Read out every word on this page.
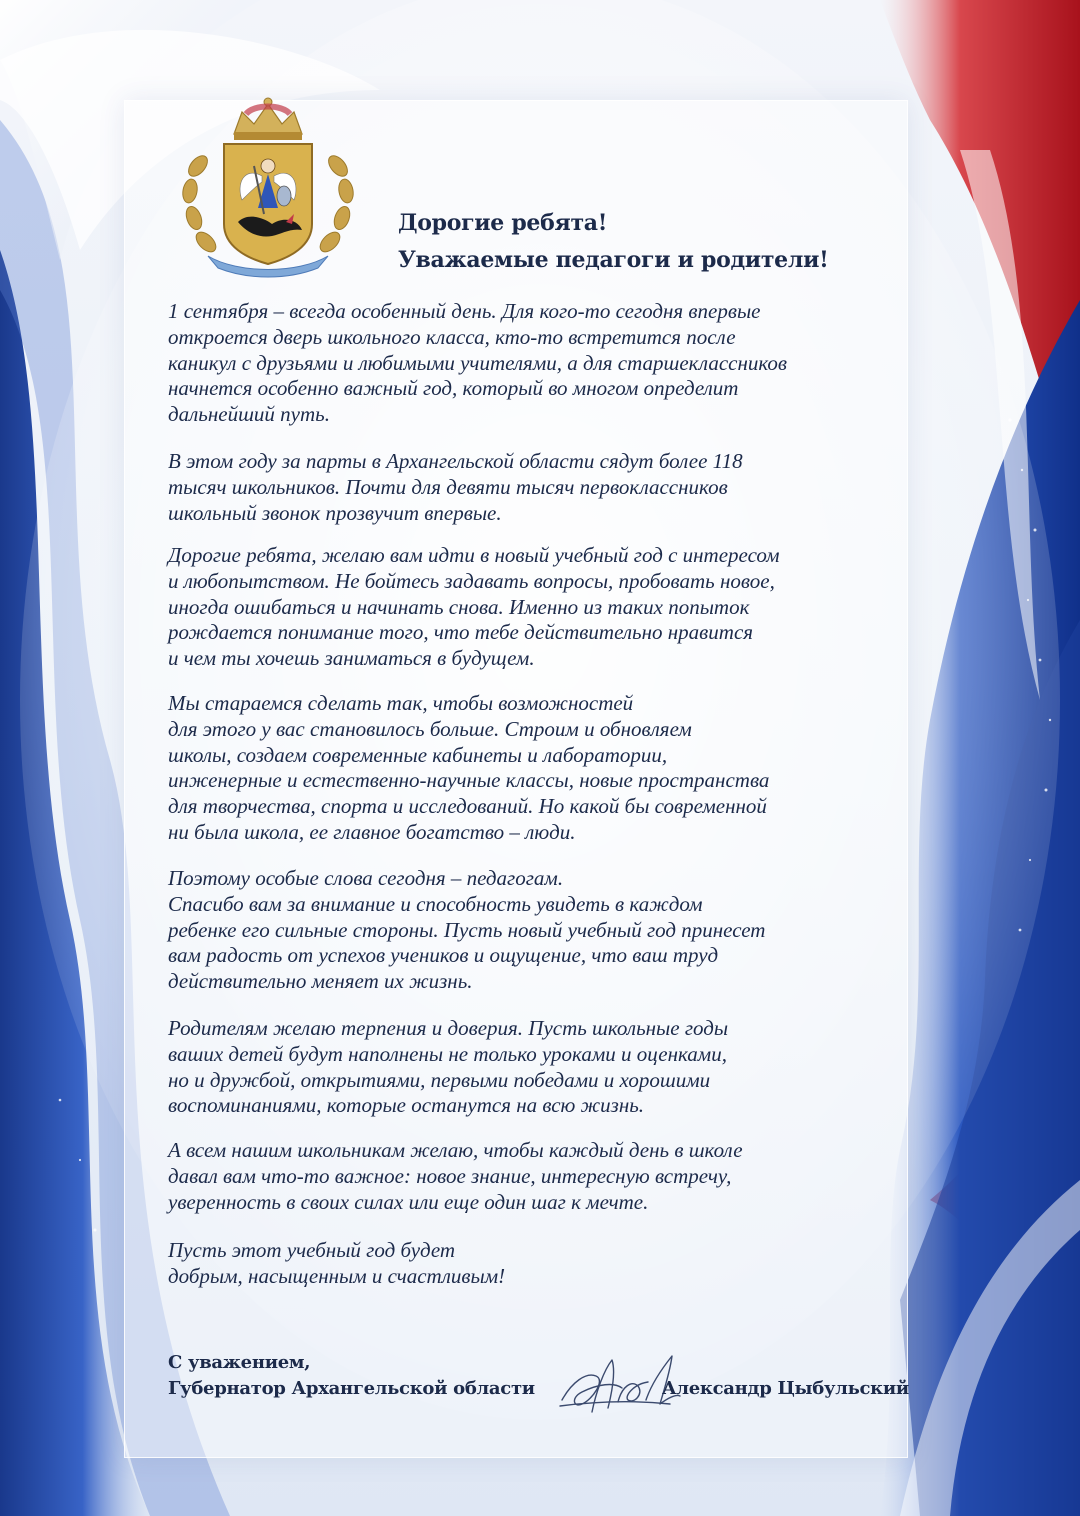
Дорогие ребята!

Уважаемые педагоги и родители!

1 сентября – всегда особенный день. Для кого-то сегодня впервые
откроется дверь школьного класса, кто-то встретится после
каникул с друзьями и любимыми учителями, а для старшеклассников
начнется особенно важный год, который во многом определит
дальнейший путь.
В этом году за парты в Архангельской области сядут более 118
тысяч школьников. Почти для девяти тысяч первоклассников
школьный звонок прозвучит впервые.
Дорогие ребята, желаю вам идти в новый учебный год с интересом
и любопытством. Не бойтесь задавать вопросы, пробовать новое,
иногда ошибаться и начинать снова. Именно из таких попыток
рождается понимание того, что тебе действительно нравится
и чем ты хочешь заниматься в будущем.
Мы стараемся сделать так, чтобы возможностей
для этого у вас становилось больше. Строим и обновляем
школы, создаем современные кабинеты и лаборатории,
инженерные и естественно-научные классы, новые пространства
для творчества, спорта и исследований. Но какой бы современной
ни была школа, ее главное богатство – люди.
Поэтому особые слова сегодня – педагогам.
Спасибо вам за внимание и способность увидеть в каждом
ребенке его сильные стороны. Пусть новый учебный год принесет
вам радость от успехов учеников и ощущение, что ваш труд
действительно меняет их жизнь.
Родителям желаю терпения и доверия. Пусть школьные годы
ваших детей будут наполнены не только уроками и оценками,
но и дружбой, открытиями, первыми победами и хорошими
воспоминаниями, которые останутся на всю жизнь.
А всем нашим школьникам желаю, чтобы каждый день в школе
давал вам что-то важное: новое знание, интересную встречу,
уверенность в своих силах или еще один шаг к мечте.
Пусть этот учебный год будет
добрым, насыщенным и счастливым!

С уважением,

Губернатор Архангельской области	Александр Цыбульский
